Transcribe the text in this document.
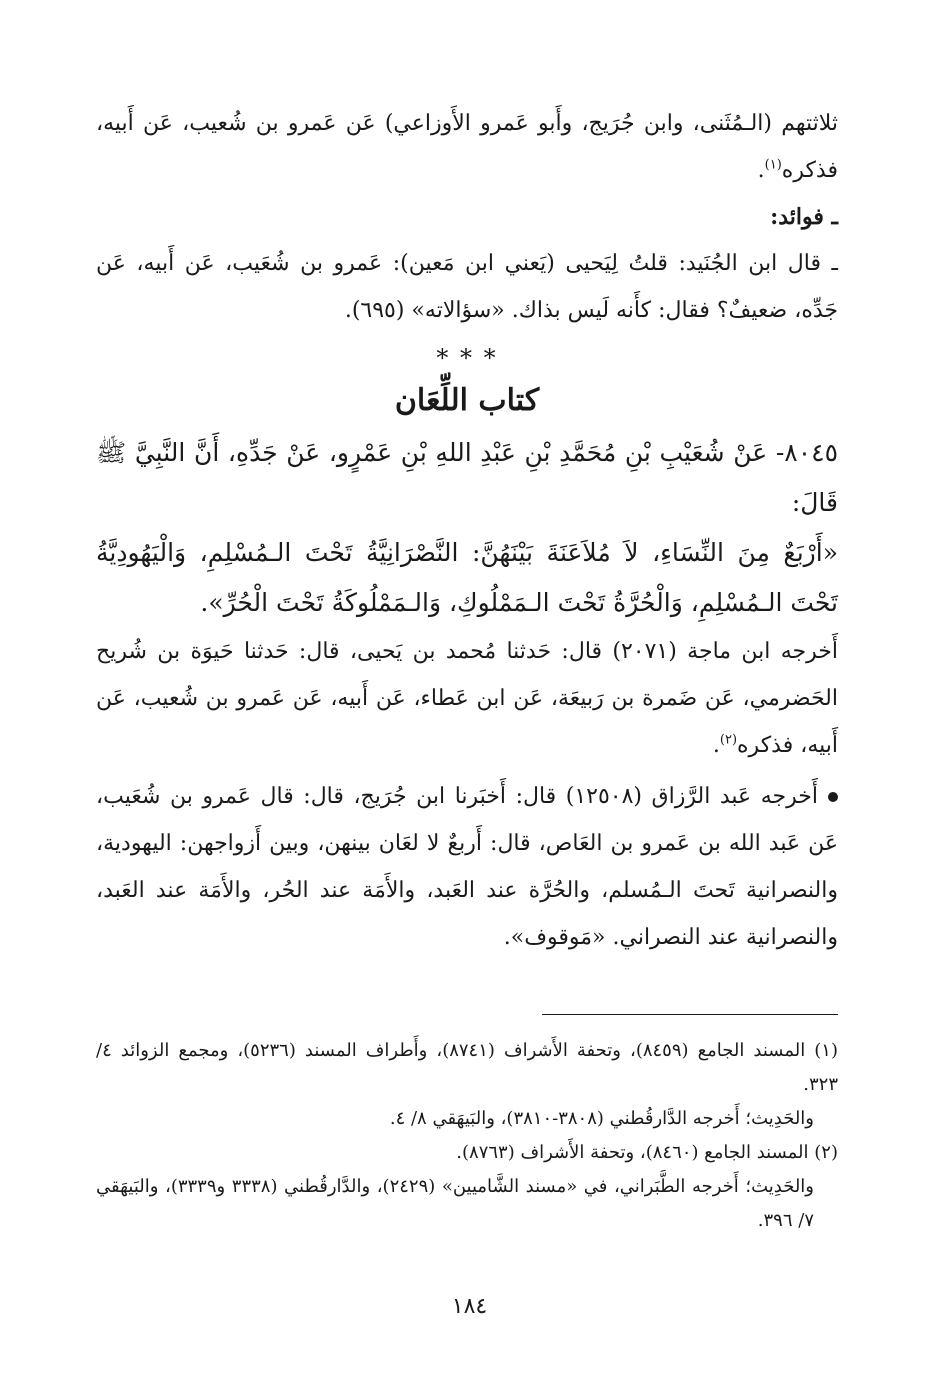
ثلاثتهم (الـمُثَنى، وابن جُرَيج، وأَبو عَمرو الأَوزاعي) عَن عَمرو بن شُعيب، عَن أَبيه، فذكره$^{(١)}$.

ـ فوائد:

ـ قال ابن الجُنَيد: قلتُ لِيَحيى (يَعني ابن مَعين): عَمرو بن شُعَيب، عَن أَبيه، عَن جَدِّه، ضعيفٌ؟ فقال: كأَنه لَيس بذاك. «سؤالاته» (٦٩٥).

* * *

كتاب اللِّعَان

٨٠٤٥- عَنْ شُعَيْبِ بْنِ مُحَمَّدِ بْنِ عَبْدِ اللهِ بْنِ عَمْرٍو، عَنْ جَدِّهِ، أَنَّ النَّبِيَّ ﷺ قَالَ:

«أَرْبَعٌ مِنَ النِّسَاءِ، لاَ مُلاَعَنَةَ بَيْنَهُنَّ: النَّصْرَانِيَّةُ تَحْتَ الـمُسْلِمِ، وَالْيَهُودِيَّةُ تَحْتَ الـمُسْلِمِ، وَالْحُرَّةُ تَحْتَ الـمَمْلُوكِ، وَالـمَمْلُوكَةُ تَحْتَ الْحُرِّ».

أَخرجه ابن ماجة (٢٠٧١) قال: حَدثنا مُحمد بن يَحيى، قال: حَدثنا حَيوَة بن شُريح الحَضرمي، عَن ضَمرة بن رَبيعَة، عَن ابن عَطاء، عَن أَبيه، عَن عَمرو بن شُعيب، عَن أَبيه، فذكره$^{(٢)}$.

أَخرجه عَبد الرَّزاق (١٢٥٠٨) قال: أَخبَرنا ابن جُرَيج، قال: قال عَمرو بن شُعَيب، عَن عَبد الله بن عَمرو بن العَاص، قال: أَربعٌ لا لعَان بينهن، وبين أَزواجهن: اليهودية، والنصرانية تَحتَ الـمُسلم، والحُرَّة عند العَبد، والأَمَة عند الحُر، والأَمَة عند العَبد، والنصرانية عند النصراني. «مَوقوف».

(١) المسند الجامع (٨٤٥٩)، وتحفة الأَشراف (٨٧٤١)، وأَطراف المسند (٥٢٣٦)، ومجمع الزوائد ٤/ ٣٢٣.

والحَدِيث؛ أَخرجه الدَّارقُطني (٣٨٠٨-٣٨١٠)، والبَيهَقي ٨/ ٤.

(٢) المسند الجامع (٨٤٦٠)، وتحفة الأَشراف (٨٧٦٣).

والحَدِيث؛ أَخرجه الطَّبَراني، في «مسند الشَّاميين» (٢٤٢٩)، والدَّارقُطني (٣٣٣٨ و٣٣٣٩)، والبَيهَقي ٧/ ٣٩٦.

١٨٤
